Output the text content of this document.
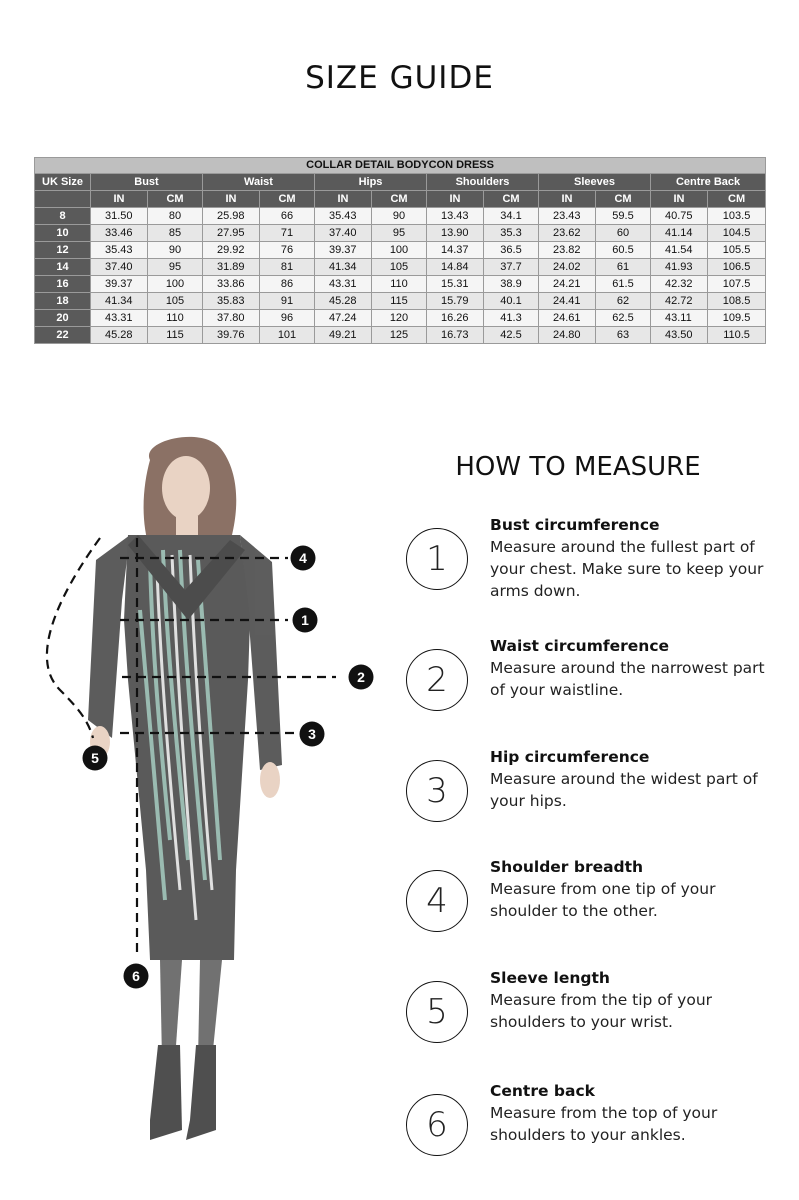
SIZE GUIDE
COLLAR DETAIL BODYCON DRESS												
UK Size	Bust		Waist		Hips		Shoulders		Sleeves		Centre Back	
	IN	CM	IN	CM	IN	CM	IN	CM	IN	CM	IN	CM
8	31.50	80	25.98	66	35.43	90	13.43	34.1	23.43	59.5	40.75	103.5
10	33.46	85	27.95	71	37.40	95	13.90	35.3	23.62	60	41.14	104.5
12	35.43	90	29.92	76	39.37	100	14.37	36.5	23.82	60.5	41.54	105.5
14	37.40	95	31.89	81	41.34	105	14.84	37.7	24.02	61	41.93	106.5
16	39.37	100	33.86	86	43.31	110	15.31	38.9	24.21	61.5	42.32	107.5
18	41.34	105	35.83	91	45.28	115	15.79	40.1	24.41	62	42.72	108.5
20	43.31	110	37.80	96	47.24	120	16.26	41.3	24.61	62.5	43.11	109.5
22	45.28	115	39.76	101	49.21	125	16.73	42.5	24.80	63	43.50	110.5
4
1
2
3
5
6
HOW TO MEASURE
1
Bust circumference
Measure around the fullest part of your chest. Make sure to keep your arms down.
2
Waist circumference
Measure around the narrowest part of your waistline.
3
Hip circumference
Measure around the widest part of your hips.
4
Shoulder breadth
Measure from one tip of your shoulder to the other.
5
Sleeve length
Measure from the tip of your shoulders to your wrist.
6
Centre back
Measure from the top of your shoulders to your ankles.
